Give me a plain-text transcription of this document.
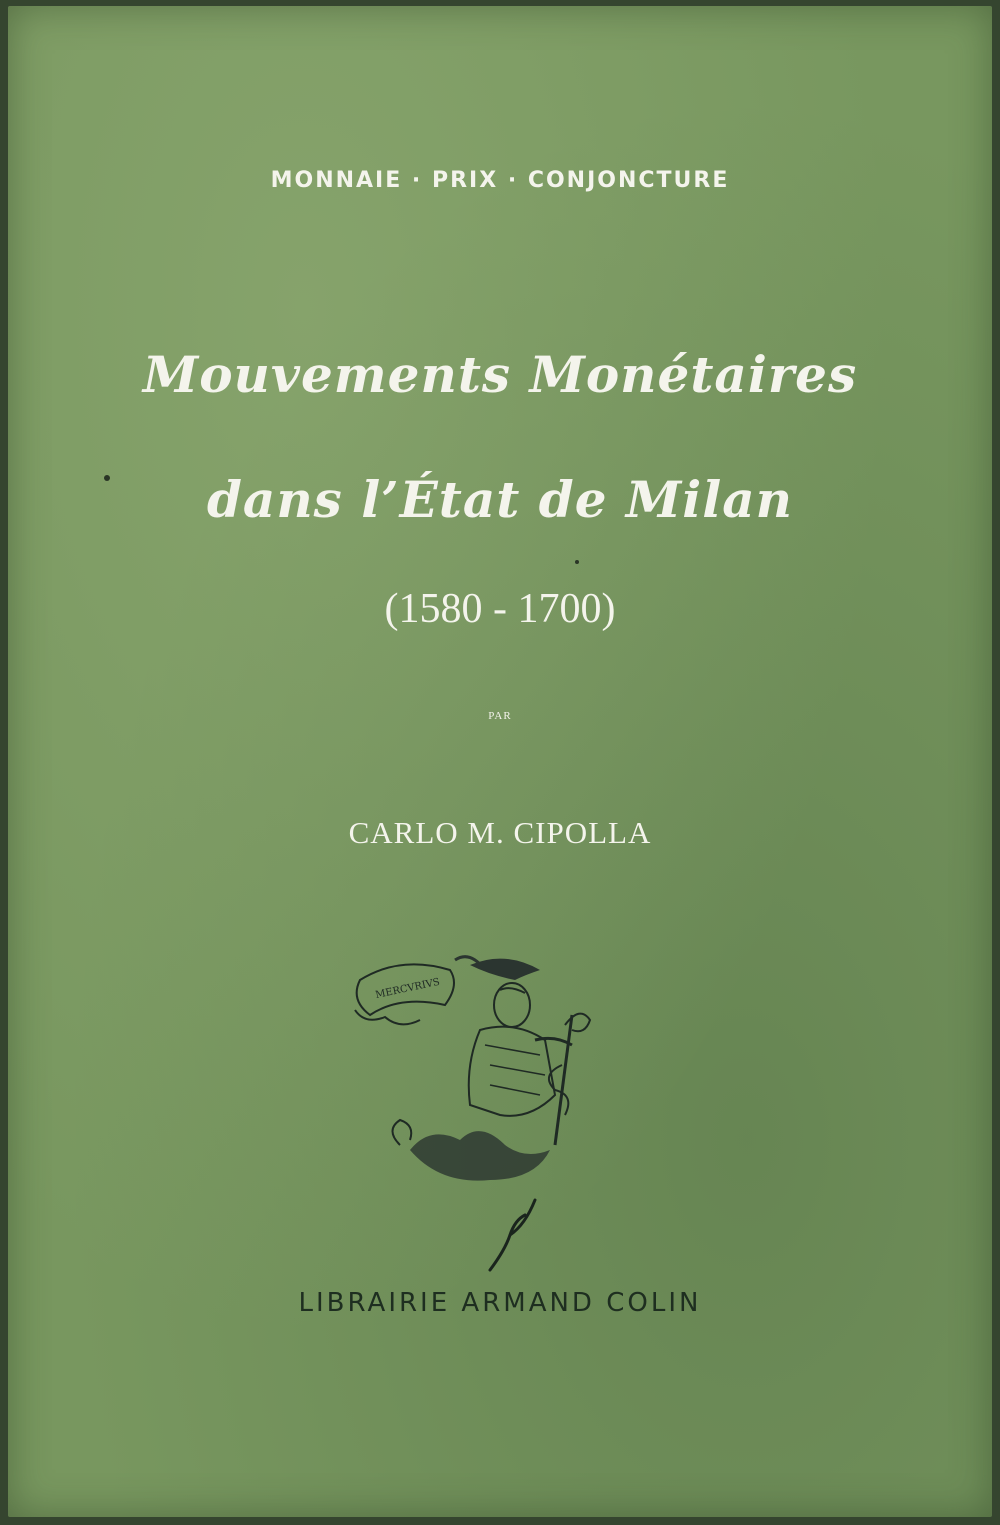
MONNAIE · PRIX · CONJONCTURE
Mouvements Monétaires
dans l’État de Milan
(1580 - 1700)
PAR
CARLO M. CIPOLLA
MERCVRIVS
LIBRAIRIE ARMAND COLIN
